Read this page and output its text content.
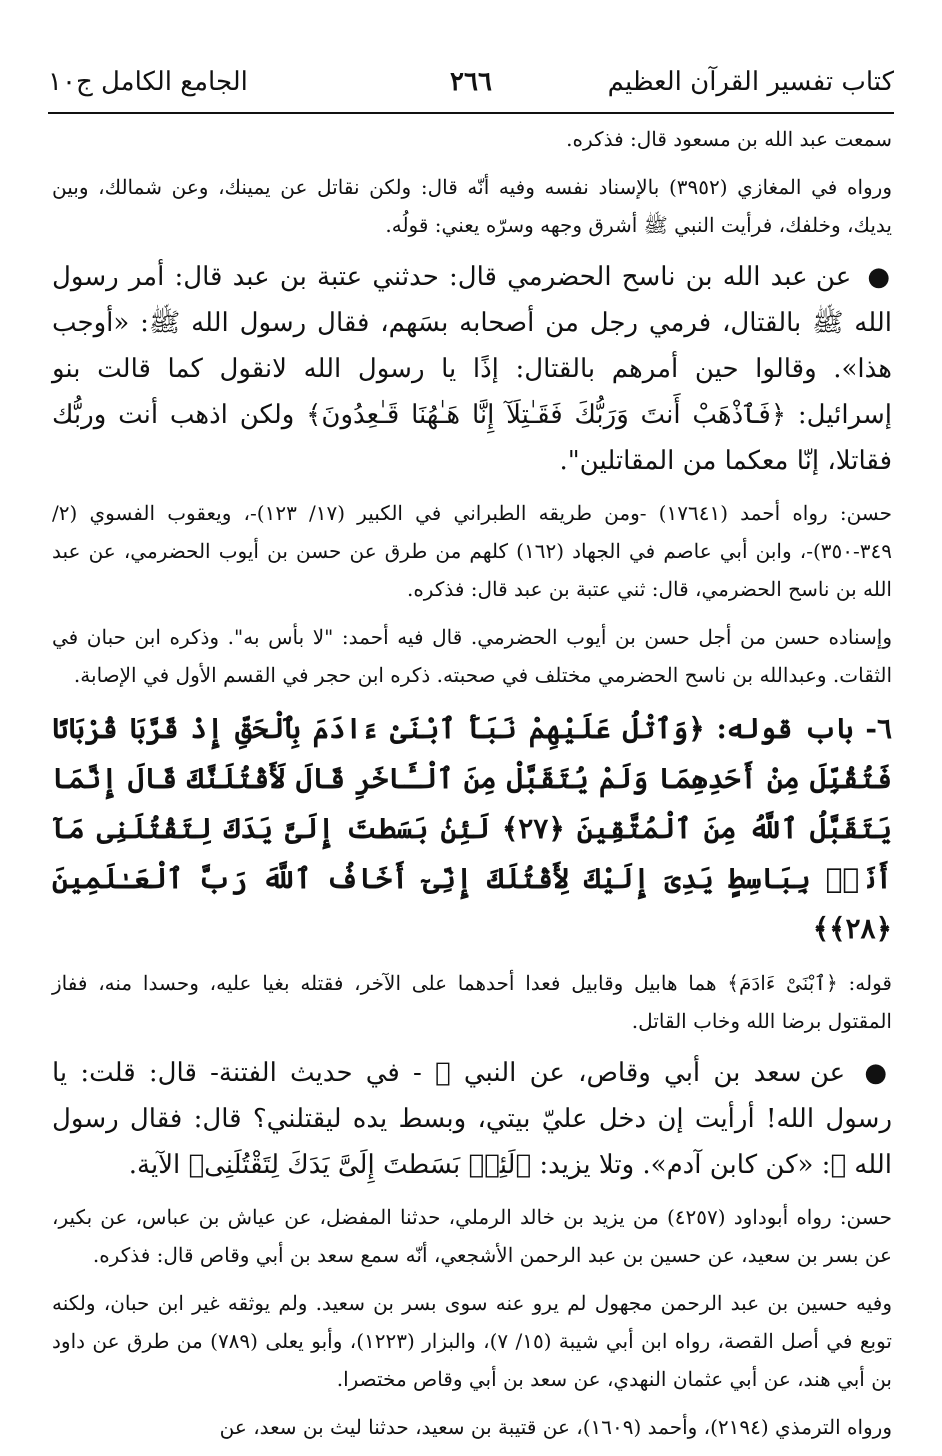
كتاب تفسير القرآن العظيم
٢٦٦
الجامع الكامل ج١٠

سمعت عبد الله بن مسعود قال: فذكره.

ورواه في المغازي (٣٩٥٢) بالإسناد نفسه وفيه أنّه قال: ولكن نقاتل عن يمينك، وعن شمالك، وبين يديك، وخلفك، فرأيت النبي ﷺ أشرق وجهه وسرّه يعني: قولُه.

● عن عبد الله بن ناسح الحضرمي قال: حدثني عتبة بن عبد قال: أمر رسول الله ﷺ بالقتال، فرمي رجل من أصحابه بسَهم، فقال رسول الله ﷺ: «أوجب هذا». وقالوا حين أمرهم بالقتال: إذًا يا رسول الله لانقول كما قالت بنو إسرائيل: ﴿فَٱذْهَبْ أَنتَ وَرَبُّكَ فَقَـٰتِلَآ إِنَّا هَـٰهُنَا قَـٰعِدُونَ﴾ ولكن اذهب أنت وربُّك فقاتلا، إنّا معكما من المقاتلين".

حسن: رواه أحمد (١٧٦٤١) -ومن طريقه الطبراني في الكبير (١٧/ ١٢٣)-، ويعقوب الفسوي (٢/ ٣٤٩-٣٥٠)-، وابن أبي عاصم في الجهاد (١٦٢) كلهم من طرق عن حسن بن أيوب الحضرمي، عن عبد الله بن ناسح الحضرمي، قال: ثني عتبة بن عبد قال: فذكره.

وإسناده حسن من أجل حسن بن أيوب الحضرمي. قال فيه أحمد: "لا بأس به". وذكره ابن حبان في الثقات. وعبدالله بن ناسح الحضرمي مختلف في صحبته. ذكره ابن حجر في القسم الأول في الإصابة.

٦- باب قوله: ﴿وَٱتْلُ عَلَيْهِمْ نَبَأَ ٱبْنَىْ ءَادَمَ بِٱلْحَقِّ إِذْ قَرَّبَا قُرْبَانًا فَتُقُبِّلَ مِنْ أَحَدِهِمَا وَلَمْ يُتَقَبَّلْ مِنَ ٱلْـَٔاخَرِ قَالَ لَأَقْتُلَنَّكَ قَالَ إِنَّمَا يَتَقَبَّلُ ٱللَّهُ مِنَ ٱلْمُتَّقِينَ ﴿٢٧﴾ لَئِنۢ بَسَطتَ إِلَىَّ يَدَكَ لِتَقْتُلَنِى مَآ أَنَا۠ بِبَاسِطٍ يَدِىَ إِلَيْكَ لِأَقْتُلَكَ إِنِّىٓ أَخَافُ ٱللَّهَ رَبَّ ٱلْعَـٰلَمِينَ ﴿٢٨﴾﴾

قوله: ﴿ٱبْنَىْ ءَادَمَ﴾ هما هابيل وقابيل فعدا أحدهما على الآخر، فقتله بغيا عليه، وحسدا منه، ففاز المقتول برضا الله وخاب القاتل.

● عن سعد بن أبي وقاص، عن النبي ﷺ - في حديث الفتنة- قال: قلت: يا رسول الله! أرأيت إن دخل عليّ بيتي، وبسط يده ليقتلني؟ قال: فقال رسول الله ﷺ: «كن كابن آدم». وتلا يزيد: ﴿لَئِنۢ بَسَطتَ إِلَىَّ يَدَكَ لِتَقْتُلَنِى﴾ الآية.

حسن: رواه أبوداود (٤٢٥٧) من يزيد بن خالد الرملي، حدثنا المفضل، عن عياش بن عباس، عن بكير، عن بسر بن سعيد، عن حسين بن عبد الرحمن الأشجعي، أنّه سمع سعد بن أبي وقاص قال: فذكره.

وفيه حسين بن عبد الرحمن مجهول لم يرو عنه سوى بسر بن سعيد. ولم يوثقه غير ابن حبان، ولكنه توبع في أصل القصة، رواه ابن أبي شيبة (١٥/ ٧)، والبزار (١٢٢٣)، وأبو يعلى (٧٨٩) من طرق عن داود بن أبي هند، عن أبي عثمان النهدي، عن سعد بن أبي وقاص مختصرا.

ورواه الترمذي (٢١٩٤)، وأحمد (١٦٠٩)، عن قتيبة بن سعيد، حدثنا ليث بن سعد، عن
